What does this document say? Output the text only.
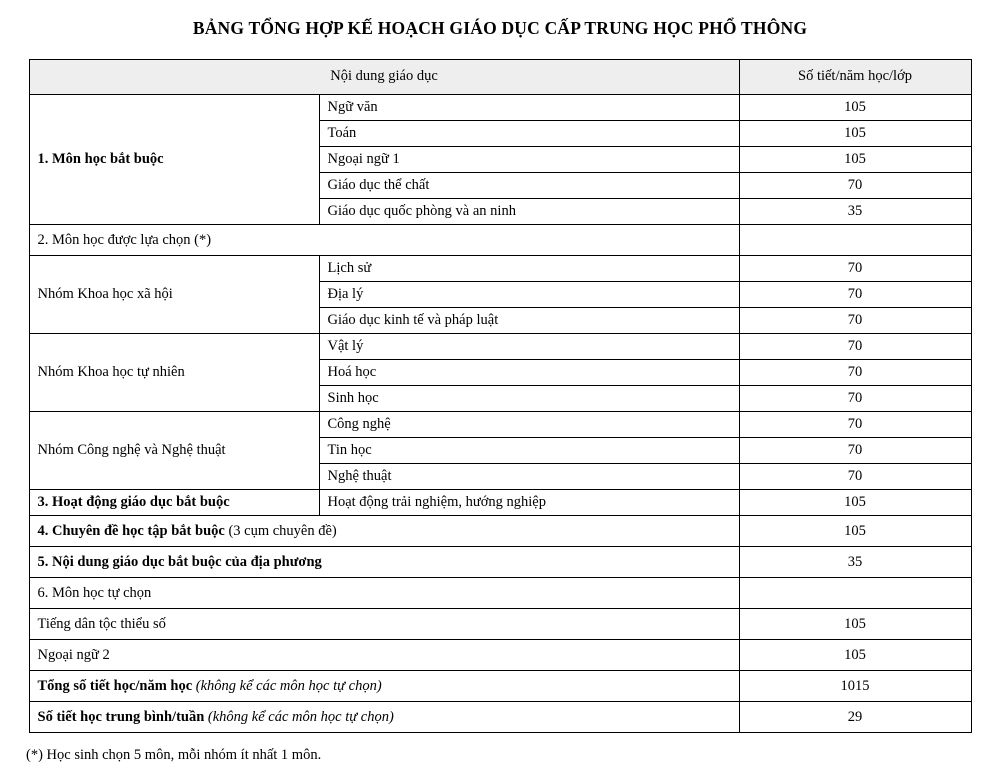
BẢNG TỔNG HỢP KẾ HOẠCH GIÁO DỤC CẤP TRUNG HỌC PHỔ THÔNG
Nội dung giáo dục		Số tiết/năm học/lớp
1. Môn học bắt buộc	Ngữ văn	105
	Toán	105
	Ngoại ngữ 1	105
	Giáo dục thể chất	70
	Giáo dục quốc phòng và an ninh	35
2. Môn học được lựa chọn (*)		
Nhóm Khoa học xã hội	Lịch sử	70
	Địa lý	70
	Giáo dục kinh tế và pháp luật	70
Nhóm Khoa học tự nhiên	Vật lý	70
	Hoá học	70
	Sinh học	70
Nhóm Công nghệ và Nghệ thuật	Công nghệ	70
	Tin học	70
	Nghệ thuật	70
3. Hoạt động giáo dục bắt buộc	Hoạt động trải nghiệm, hướng nghiệp	105
4. Chuyên đề học tập bắt buộc (3 cụm chuyên đề)		105
5. Nội dung giáo dục bắt buộc của địa phương		35
6. Môn học tự chọn		
Tiếng dân tộc thiểu số		105
Ngoại ngữ 2		105
Tổng số tiết học/năm học (không kể các môn học tự chọn)		1015
Số tiết học trung bình/tuần (không kể các môn học tự chọn)		29
(*) Học sinh chọn 5 môn, mỗi nhóm ít nhất 1 môn.
